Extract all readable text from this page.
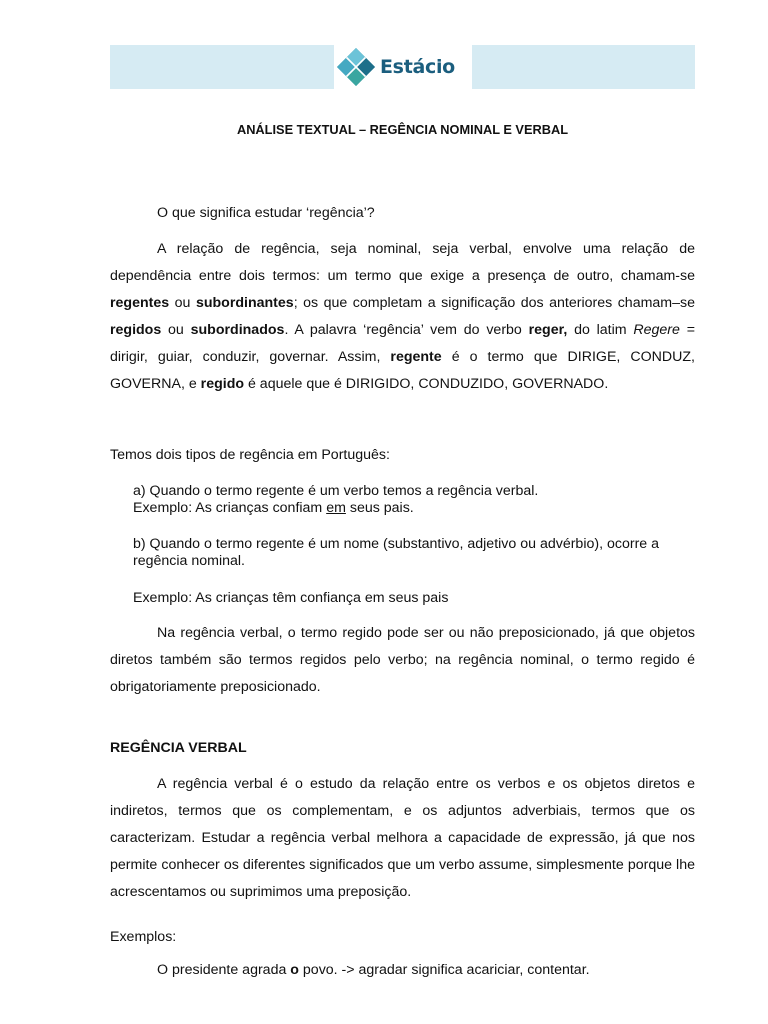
Estácio
ANÁLISE TEXTUAL – REGÊNCIA NOMINAL E VERBAL
O que significa estudar ‘regência’?
A relação de regência, seja nominal, seja verbal, envolve uma relação de dependência entre dois termos: um termo que exige a presença de outro, chamam-se regentes ou subordinantes; os que completam a significação dos anteriores chamam–se regidos ou subordinados. A palavra ‘regência’ vem do verbo reger, do latim Regere = dirigir, guiar, conduzir, governar. Assim, regente é o termo que DIRIGE, CONDUZ, GOVERNA, e regido é aquele que é DIRIGIDO, CONDUZIDO, GOVERNADO.
Temos dois tipos de regência em Português:
a) Quando o termo regente é um verbo temos a regência verbal.
Exemplo: As crianças confiam em seus pais.
b) Quando o termo regente é um nome (substantivo, adjetivo ou advérbio), ocorre a regência nominal.
Exemplo: As crianças têm confiança em seus pais
Na regência verbal, o termo regido pode ser ou não preposicionado, já que objetos diretos também são termos regidos pelo verbo; na regência nominal, o termo regido é obrigatoriamente preposicionado.
REGÊNCIA VERBAL
A regência verbal é o estudo da relação entre os verbos e os objetos diretos e indiretos, termos que os complementam, e os adjuntos adverbiais, termos que os caracterizam. Estudar a regência verbal melhora a capacidade de expressão, já que nos permite conhecer os diferentes significados que um verbo assume, simplesmente porque lhe acrescentamos ou suprimimos uma preposição.
Exemplos:
O presidente agrada o povo. -> agradar significa acariciar, contentar.
